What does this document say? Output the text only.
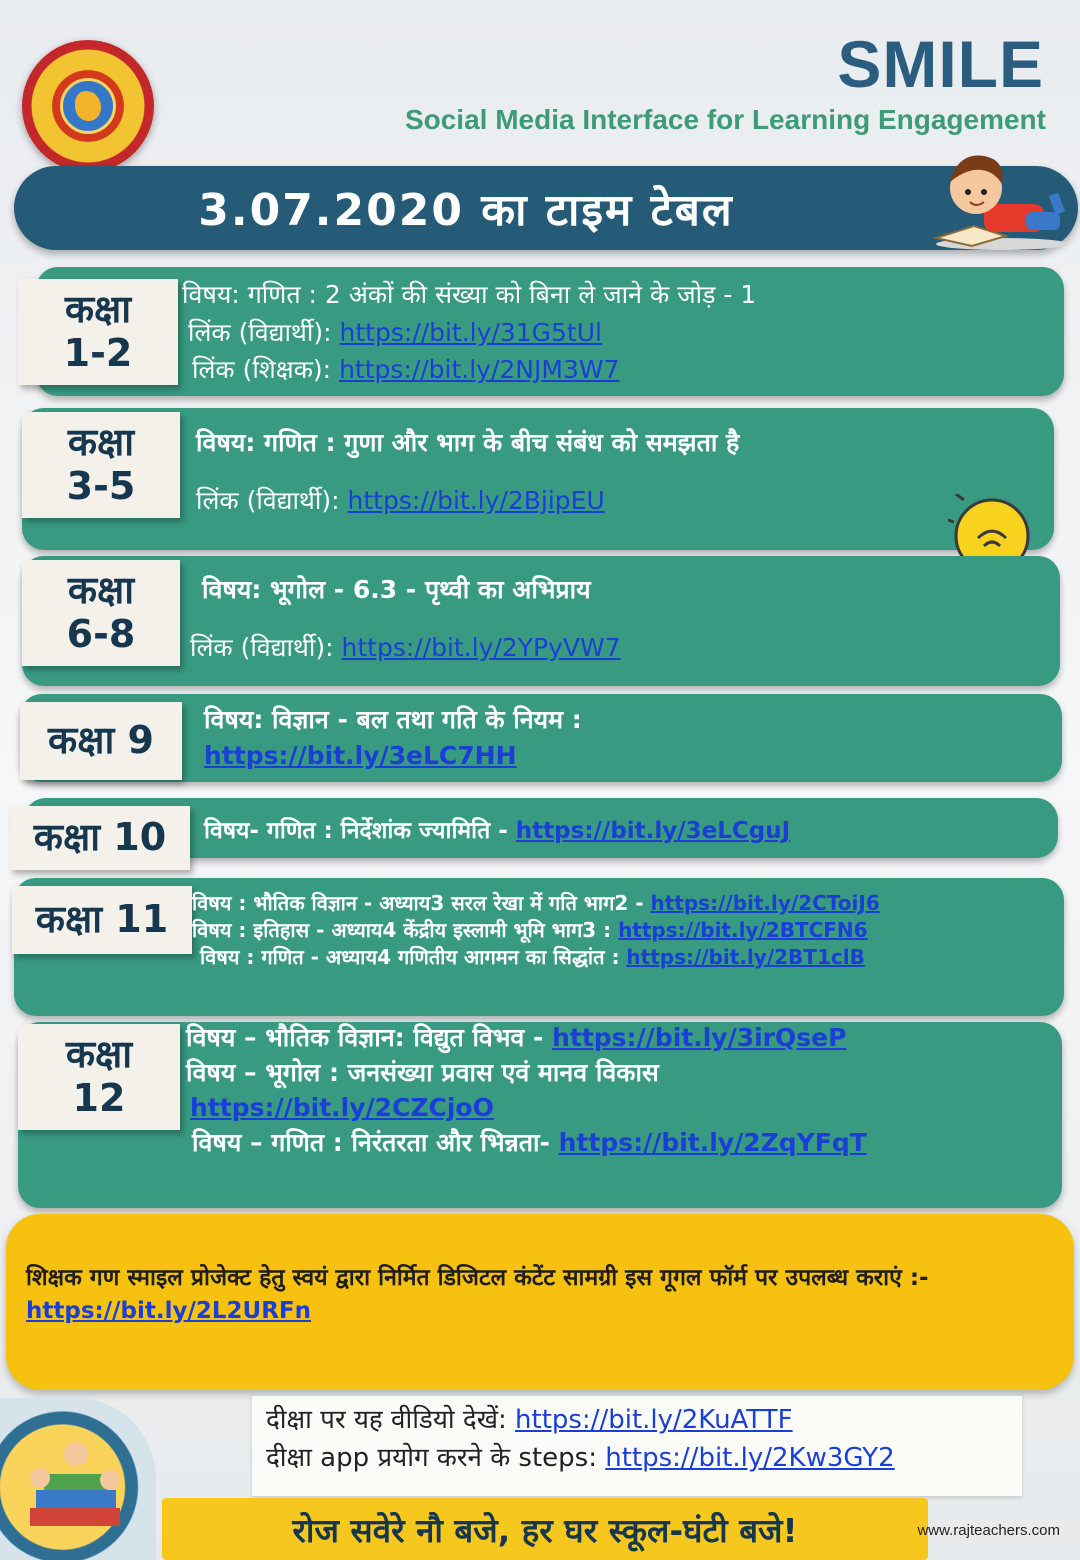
SMILE
Social Media Interface for Learning Engagement
3.07.2020 का टाइम टेबल
कक्षा
1-2
विषय: गणित : 2 अंकों की संख्या को बिना ले जाने के जोड़ - 1
लिंक (विद्यार्थी): https://bit.ly/31G5tUl
लिंक (शिक्षक): https://bit.ly/2NJM3W7
कक्षा
3-5
विषय: गणित : गुणा और भाग के बीच संबंध को समझता है
लिंक (विद्यार्थी): https://bit.ly/2BjipEU
कक्षा
6-8
विषय: भूगोल - 6.3 - पृथ्वी का अभिप्राय
लिंक (विद्यार्थी): https://bit.ly/2YPyVW7
कक्षा 9 विषय: विज्ञान - बल तथा गति के नियम :
https://bit.ly/3eLC7HH
कक्षा 10 विषय- गणित : निर्देशांक ज्यामिति - https://bit.ly/3eLCguJ
कक्षा 11 विषय : भौतिक विज्ञान - अध्याय3 सरल रेखा में गति भाग2 - https://bit.ly/2CToiJ6
विषय : इतिहास - अध्याय4 केंद्रीय इस्लामी भूमि भाग3 : https://bit.ly/2BTCFN6
विषय : गणित - अध्याय4 गणितीय आगमन का सिद्धांत : https://bit.ly/2BT1clB
कक्षा
12
विषय – भौतिक विज्ञान: विद्युत विभव - https://bit.ly/3irQseP
विषय – भूगोल : जनसंख्या प्रवास एवं मानव विकास
https://bit.ly/2CZCjoO
विषय – गणित : निरंतरता और भिन्नता- https://bit.ly/2ZqYFqT
शिक्षक गण स्माइल प्रोजेक्ट हेतु स्वयं द्वारा निर्मित डिजिटल कंटेंट सामग्री इस गूगल फॉर्म पर उपलब्ध कराएं :- https://bit.ly/2L2URFn
दीक्षा पर यह वीडियो देखें: https://bit.ly/2KuATTF
दीक्षा app प्रयोग करने के steps: https://bit.ly/2Kw3GY2
रोज सवेरे नौ बजे, हर घर स्कूल-घंटी बजे!	www.rajteachers.com
